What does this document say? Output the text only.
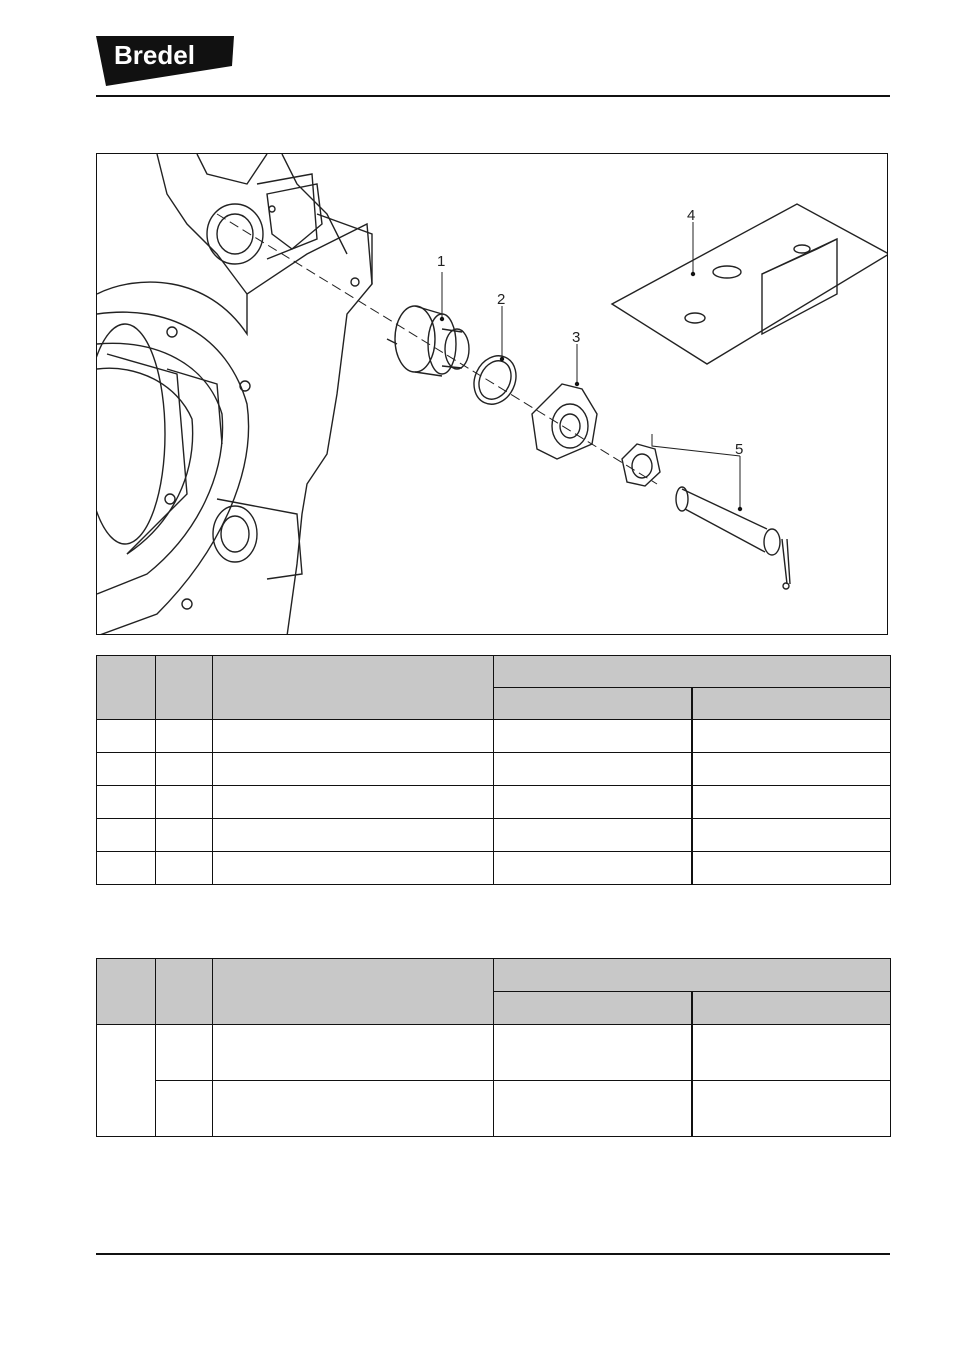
Bredel
1
2
3
4
5
